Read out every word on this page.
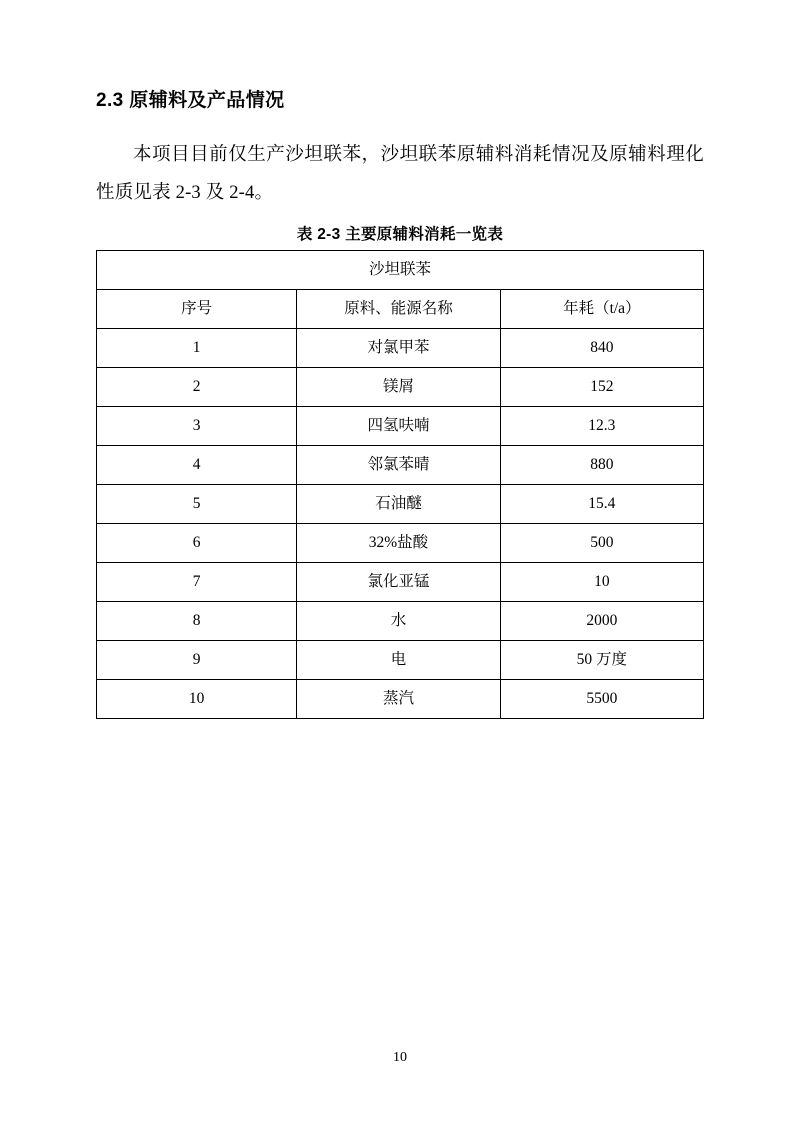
2.3 原辅料及产品情况

本项目目前仅生产沙坦联苯，沙坦联苯原辅料消耗情况及原辅料理化性质见表 2-3 及 2-4。

表 2-3 主要原辅料消耗一览表
沙坦联苯		
序号	原料、能源名称	年耗（t/a）
1	对氯甲苯	840
2	镁屑	152
3	四氢呋喃	12.3
4	邻氯苯晴	880
5	石油醚	15.4
6	32%盐酸	500
7	氯化亚锰	10
8	水	2000
9	电	50 万度
10	蒸汽	5500
10
